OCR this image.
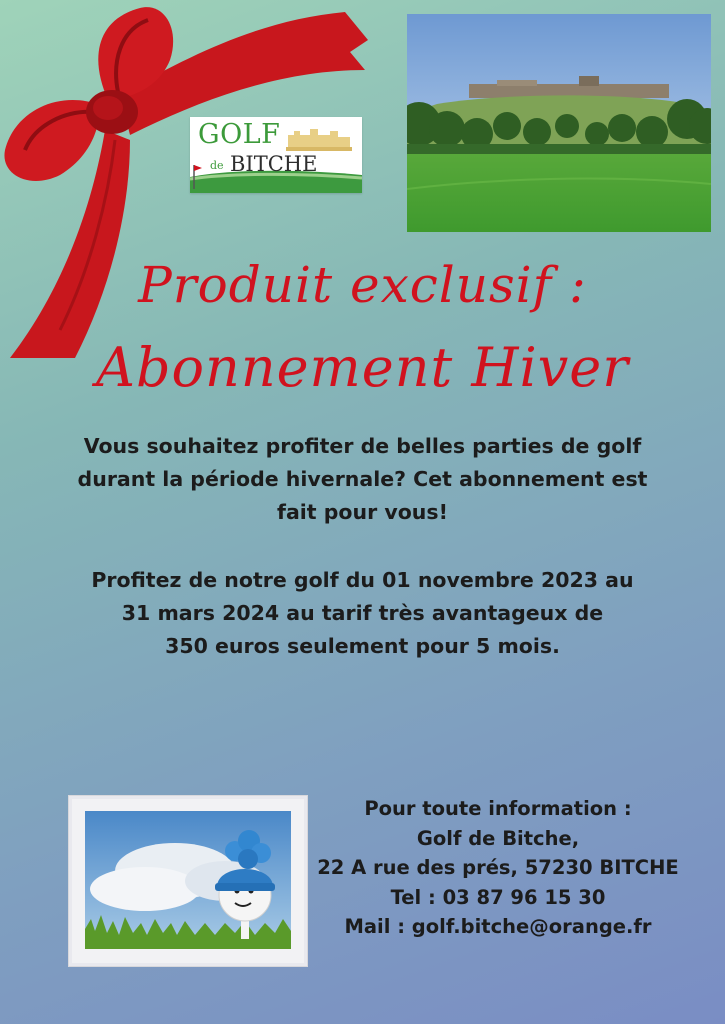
GOLF
de BITCHE
Produit exclusif :
Abonnement Hiver
Vous souhaitez profiter de belles parties de golf
durant la période hivernale? Cet abonnement est
fait pour vous!
Profitez de notre golf du 01 novembre 2023 au
31 mars 2024 au tarif très avantageux de
350 euros seulement pour 5 mois.
Pour toute information :
Golf de Bitche,
22 A rue des prés, 57230 BITCHE
Tel : 03 87 96 15 30
Mail : golf.bitche@orange.fr
